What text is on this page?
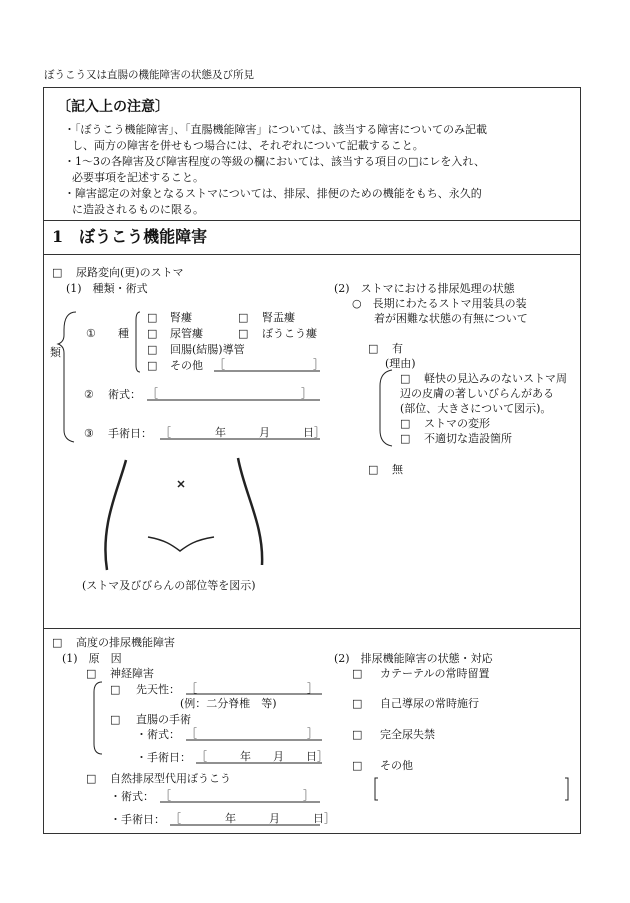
ぼうこう又は直腸の機能障害の状態及び所見
〔記入上の注意〕
・「ぼうこう機能障害」、「直腸機能障害」については、該当する障害についてのみ記載
し、両方の障害を併せもつ場合には、それぞれについて記載すること。
・1～3の各障害及び障害程度の等級の欄においては、該当する項目の□にレを入れ、
必要事項を記述すること。
・障害認定の対象となるストマについては、排尿、排便のための機能をもち、永久的
に造設されるものに限る。
1　ぼうこう機能障害
□ 尿路変向(更)のストマ
(1)　種類・術式
類
① 種
□ 腎瘻	□ 腎盂瘻
□ 尿管瘻	□ ぼうこう瘻
□ 回腸(結腸)導管
□ その他 ［　　　　　　　　］
② 術式： ［　　　　　　　　　　　　　］
③ 手術日： ［　　　　年　　　月　　　日］
(ストマ及びびらんの部位等を図示)
(2)　ストマにおける排尿処理の状態
○　長期にわたるストマ用装具の装
着が困難な状態の有無について
□ 有
(理由)
□ 軽快の見込みのないストマ周
辺の皮膚の著しいびらんがある
(部位、大きさについて図示)。
□ ストマの変形
□ 不適切な造設箇所
□ 無
□ 高度の排尿機能障害
(1)　原　因
□ 神経障害
□ 先天性： ［　　　　　　　　　　］
(例：二分脊椎　等)
□ 直腸の手術
・術式： ［　　　　　　　　　　］
・手術日： ［　　　年　　月　　日］
□ 自然排尿型代用ぼうこう
・術式： ［　　　　　　　　　　　　］
・手術日： ［　　　　年　　　月　　　日］
(2)　排尿機能障害の状態・対応
□ カテーテルの常時留置
□ 自己導尿の常時施行
□ 完全尿失禁
□ その他
